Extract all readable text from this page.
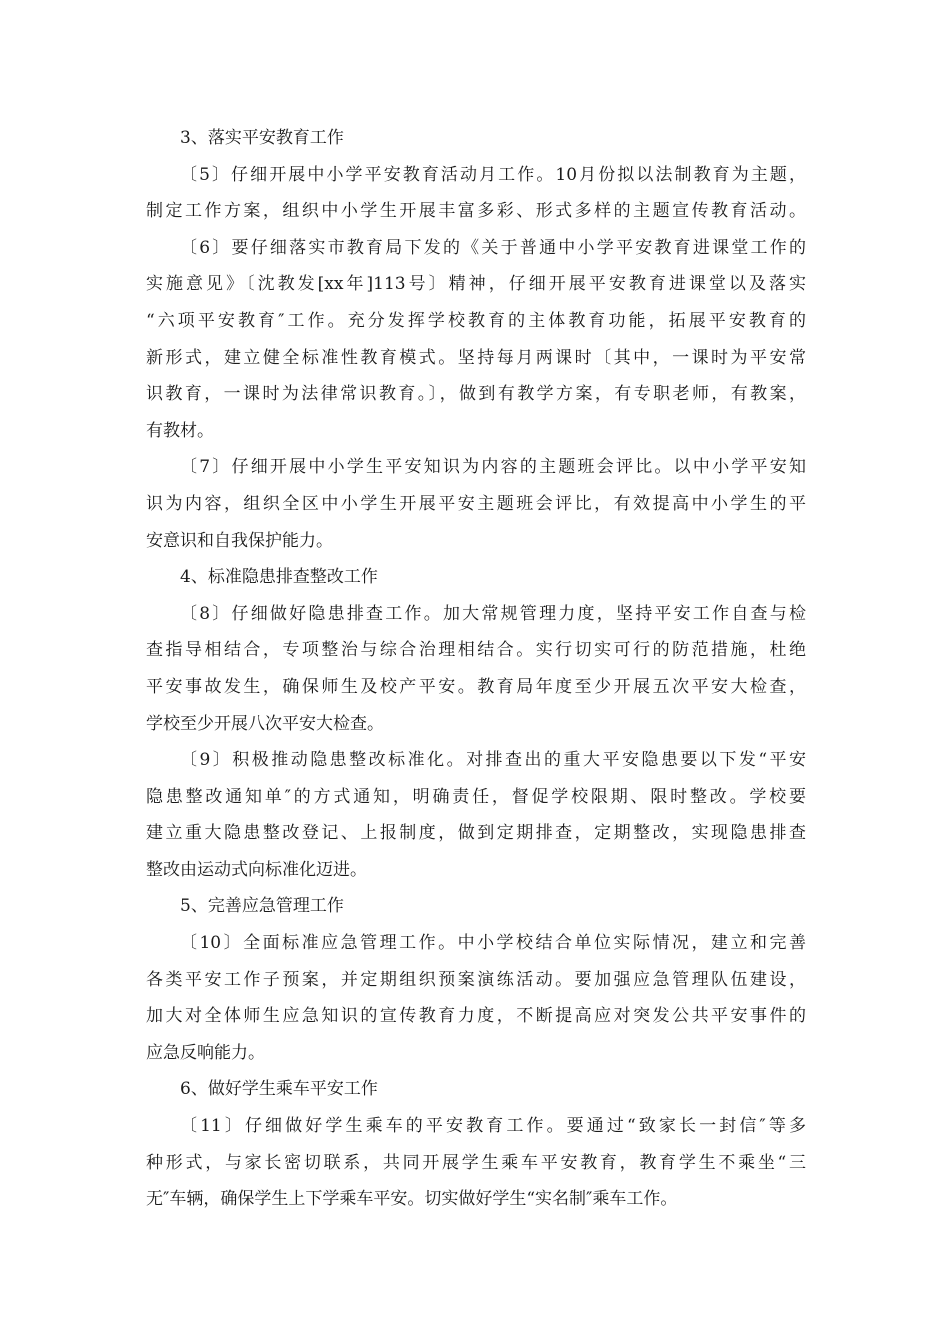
3、落实平安教育工作
〔5〕仔细开展中小学平安教育活动月工作。10月份拟以法制教育为主题，
制定工作方案，组织中小学生开展丰富多彩、形式多样的主题宣传教育活动。
〔6〕要仔细落实市教育局下发的《关于普通中小学平安教育进课堂工作的
实施意见》〔沈教发[xx年]113号〕精神，仔细开展平安教育进课堂以及落实
“六项平安教育″工作。充分发挥学校教育的主体教育功能，拓展平安教育的
新形式，建立健全标准性教育模式。坚持每月两课时〔其中，一课时为平安常
识教育，一课时为法律常识教育。〕，做到有教学方案，有专职老师，有教案，
有教材。
〔7〕仔细开展中小学生平安知识为内容的主题班会评比。以中小学平安知
识为内容，组织全区中小学生开展平安主题班会评比，有效提高中小学生的平
安意识和自我保护能力。
4、标准隐患排查整改工作
〔8〕仔细做好隐患排查工作。加大常规管理力度，坚持平安工作自查与检
查指导相结合，专项整治与综合治理相结合。实行切实可行的防范措施，杜绝
平安事故发生，确保师生及校产平安。教育局年度至少开展五次平安大检查，
学校至少开展八次平安大检查。
〔9〕积极推动隐患整改标准化。对排查出的重大平安隐患要以下发“平安
隐患整改通知单″的方式通知，明确责任，督促学校限期、限时整改。学校要
建立重大隐患整改登记、上报制度，做到定期排查，定期整改，实现隐患排查
整改由运动式向标准化迈进。
5、完善应急管理工作
〔10〕全面标准应急管理工作。中小学校结合单位实际情况，建立和完善
各类平安工作子预案，并定期组织预案演练活动。要加强应急管理队伍建设，
加大对全体师生应急知识的宣传教育力度，不断提高应对突发公共平安事件的
应急反响能力。
6、做好学生乘车平安工作
〔11〕仔细做好学生乘车的平安教育工作。要通过“致家长一封信″等多
种形式，与家长密切联系，共同开展学生乘车平安教育，教育学生不乘坐“三
无″车辆，确保学生上下学乘车平安。切实做好学生“实名制″乘车工作。
